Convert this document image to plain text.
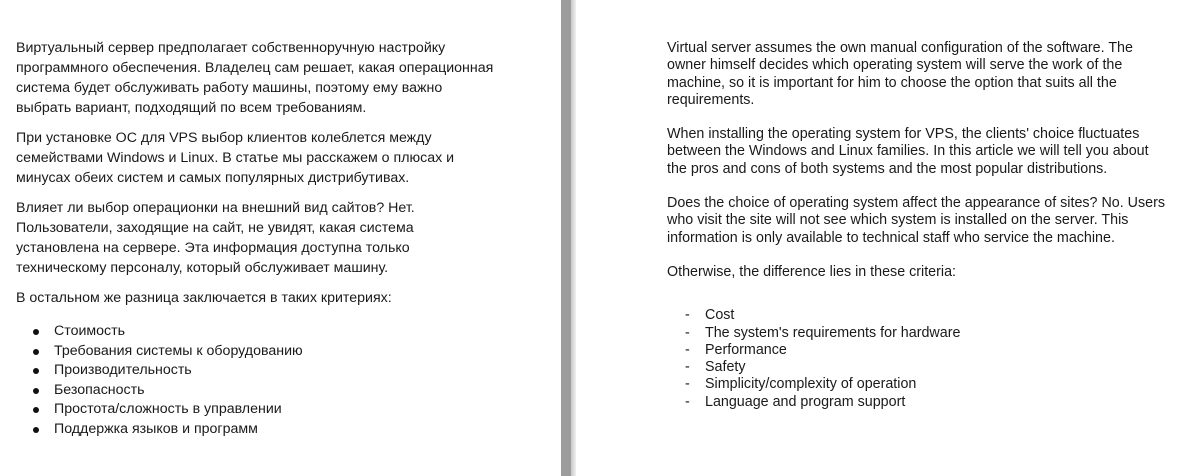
Виртуальный сервер предполагает собственноручную настройку программного обеспечения. Владелец сам решает, какая операционная система будет обслуживать работу машины, поэтому ему важно выбрать вариант, подходящий по всем требованиям.

При установке ОС для VPS выбор клиентов колеблется между семействами Windows и Linux. В статье мы расскажем о плюсах и минусах обеих систем и самых популярных дистрибутивах.

Влияет ли выбор операционки на внешний вид сайтов? Нет. Пользователи, заходящие на сайт, не увидят, какая система установлена на сервере. Эта информация доступна только техническому персоналу, который обслуживает машину.

В остальном же разница заключается в таких критериях:

Стоимость
Требования системы к оборудованию
Производительность
Безопасность
Простота/сложность в управлении
Поддержка языков и программ

Virtual server assumes the own manual configuration of the software. The owner himself decides which operating system will serve the work of the machine, so it is important for him to choose the option that suits all the requirements.

When installing the operating system for VPS, the clients' choice fluctuates between the Windows and Linux families. In this article we will tell you about the pros and cons of both systems and the most popular distributions.

Does the choice of operating system affect the appearance of sites? No. Users who visit the site will not see which system is installed on the server. This information is only available to technical staff who service the machine.

Otherwise, the difference lies in these criteria:

- Cost
- The system's requirements for hardware
- Performance
- Safety
- Simplicity/complexity of operation
- Language and program support
